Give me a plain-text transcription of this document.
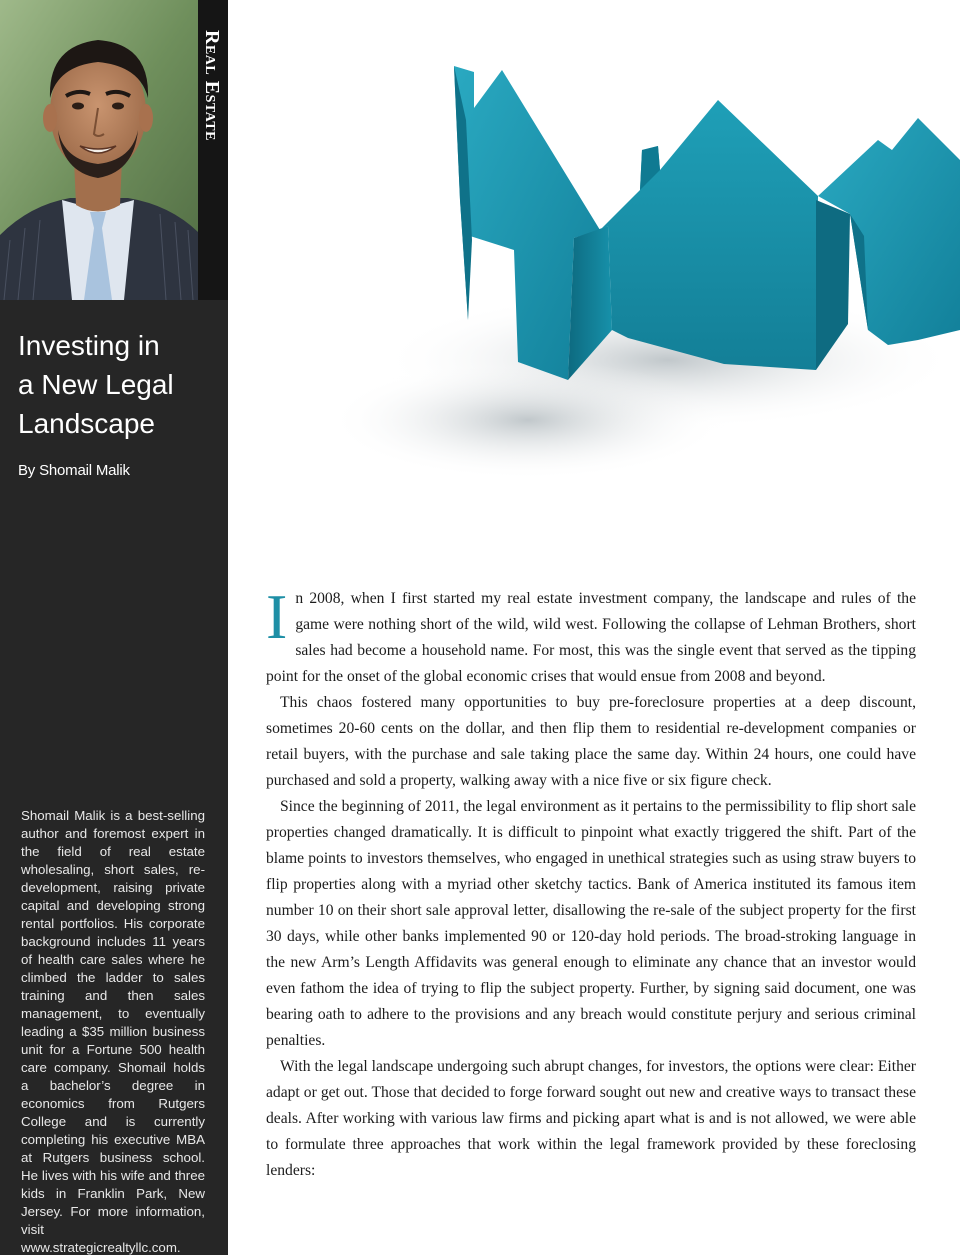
Real Estate
Investing in
a New Legal
Landscape
By Shomail Malik

Shomail Malik is a best-selling author and foremost expert in the field of real estate wholesaling, short sales, re-development, raising private capital and developing strong rental portfolios. His corporate background includes 11 years of health care sales where he climbed the ladder to sales training and then sales management, to eventually leading a $35 million business unit for a Fortune 500 health care company. Shomail holds a bachelor’s degree in economics from Rutgers College and is currently completing his executive MBA at Rutgers business school. He lives with his wife and three kids in Franklin Park, New Jersey. For more information, visit www.strategicrealtyllc.com.

In 2008, when I first started my real estate investment company, the landscape and rules of the game were nothing short of the wild, wild west. Following the collapse of Lehman Brothers, short sales had become a household name. For most, this was the single event that served as the tipping point for the onset of the global economic crises that would ensue from 2008 and beyond.

This chaos fostered many opportunities to buy pre-foreclosure properties at a deep discount, sometimes 20-60 cents on the dollar, and then flip them to residential re-development companies or retail buyers, with the purchase and sale taking place the same day. Within 24 hours, one could have purchased and sold a property, walking away with a nice five or six figure check.

Since the beginning of 2011, the legal environment as it pertains to the permissibility to flip short sale properties changed dramatically. It is difficult to pinpoint what exactly triggered the shift. Part of the blame points to investors themselves, who engaged in unethical strategies such as using straw buyers to flip properties along with a myriad other sketchy tactics. Bank of America instituted its famous item number 10 on their short sale approval letter, disallowing the re-sale of the subject property for the first 30 days, while other banks implemented 90 or 120-day hold periods. The broad-stroking language in the new Arm’s Length Affidavits was general enough to eliminate any chance that an investor would even fathom the idea of trying to flip the subject property. Further, by signing said document, one was bearing oath to adhere to the provisions and any breach would constitute perjury and serious criminal penalties.

With the legal landscape undergoing such abrupt changes, for investors, the options were clear: Either adapt or get out. Those that decided to forge forward sought out new and creative ways to transact these deals. After working with various law firms and picking apart what is and is not allowed, we were able to formulate three approaches that work within the legal framework provided by these foreclosing lenders:
